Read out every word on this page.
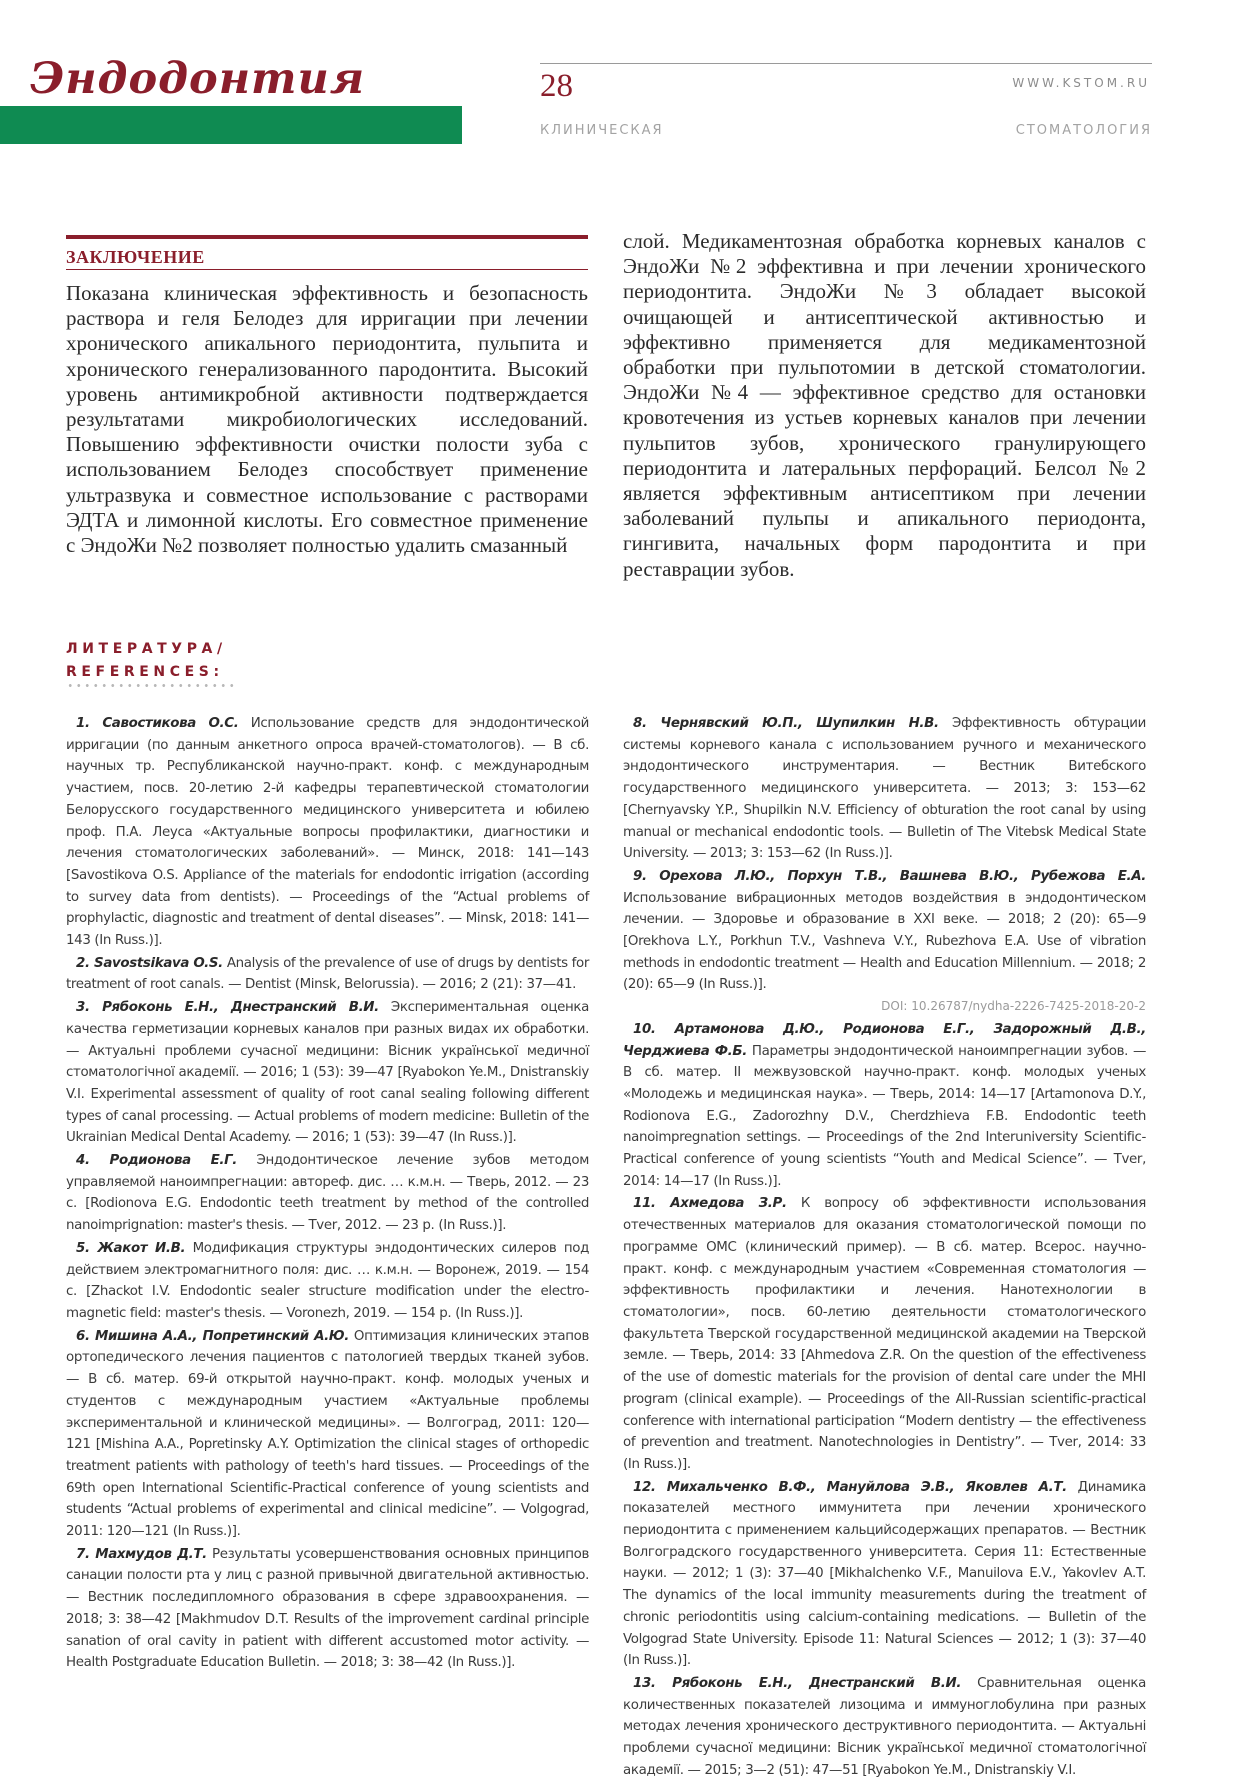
Эндодонтия	28	WWW.KSTOM.RU

КЛИНИЧЕСКАЯ СТОМАТОЛОГИЯ

ЗАКЛЮЧЕНИЕ

Показана клиническая эффективность и безопасность раствора и геля Белодез для ирригации при лечении хронического апикального периодонтита, пульпита и хронического генерализованного пародонтита. Высокий уровень антимикробной активности подтверждается результатами микробиологических исследований. Повышению эффективности очистки полости зуба с использованием Белодез способствует применение ультразвука и совместное использование с растворами ЭДТА и лимонной кислоты. Его совместное применение с ЭндоЖи №2 позволяет полностью удалить смазанный

слой. Медикаментозная обработка корневых каналов с ЭндоЖи №2 эффективна и при лечении хронического периодонтита. ЭндоЖи №3 обладает высокой очищающей и антисептической активностью и эффективно применяется для медикаментозной обработки при пульпотомии в детской стоматологии. ЭндоЖи №4 — эффективное средство для остановки кровотечения из устьев корневых каналов при лечении пульпитов зубов, хронического гранулирующего периодонтита и латеральных перфораций. Белсол №2 является эффективным антисептиком при лечении заболеваний пульпы и апикального периодонта, гингивита, начальных форм пародонтита и при реставрации зубов.

ЛИТЕРАТУРА/
REFERENCES:

1. Савостикова О.С. Использование средств для эндодонтической ирригации (по данным анкетного опроса врачей-стоматологов). — В сб. научных тр. Республиканской научно-практ. конф. с международным участием, посв. 20-летию 2-й кафедры терапевтической стоматологии Белорусского государственного медицинского университета и юбилею проф. П.А. Леуса «Актуальные вопросы профилактики, диагностики и лечения стоматологических заболеваний». — Минск, 2018: 141—143 [Savostikova O.S. Appliance of the materials for endodontic irrigation (according to survey data from dentists). — Proceedings of the “Actual problems of prophylactic, diagnostic and treatment of dental diseases”. — Minsk, 2018: 141—143 (In Russ.)].

2. Savostsikava O.S. Analysis of the prevalence of use of drugs by dentists for treatment of root canals. — Dentist (Minsk, Belorussia). — 2016; 2 (21): 37—41.

3. Рябоконь Е.Н., Днестранский В.И. Экспериментальная оценка качества герметизации корневых каналов при разных видах их обработки. — Актуальні проблеми сучасної медицини: Вісник української медичної стоматологічної академії. — 2016; 1 (53): 39—47 [Ryabokon Ye.M., Dnistranskiy V.I. Experimental assessment of quality of root canal sealing following different types of canal processing. — Actual problems of modern medicine: Bulletin of the Ukrainian Medical Dental Academy. — 2016; 1 (53): 39—47 (In Russ.)].

4. Родионова Е.Г. Эндодонтическое лечение зубов методом управляемой наноимпрегнации: автореф. дис. … к.м.н. — Тверь, 2012. — 23 с. [Rodionova E.G. Endodontic teeth treatment by method of the controlled nanoimprignation: master's thesis. — Tver, 2012. — 23 p. (In Russ.)].

5. Жакот И.В. Модификация структуры эндодонтических силеров под действием электромагнитного поля: дис. … к.м.н. — Воронеж, 2019. — 154 с. [Zhackot I.V. Endodontic sealer structure modification under the electro-magnetic field: master's thesis. — Voronezh, 2019. — 154 p. (In Russ.)].

6. Мишина А.А., Попретинский А.Ю. Оптимизация клинических этапов ортопедического лечения пациентов с патологией твердых тканей зубов. — В сб. матер. 69-й открытой научно-практ. конф. молодых ученых и студентов с международным участием «Актуальные проблемы экспериментальной и клинической медицины». — Волгоград, 2011: 120—121 [Mishina A.A., Popretinsky A.Y. Optimization the clinical stages of orthopedic treatment patients with pathology of teeth's hard tissues. — Proceedings of the 69th open International Scientific-Practical conference of young scientists and students “Actual problems of experimental and clinical medicine”. — Volgograd, 2011: 120—121 (In Russ.)].

7. Махмудов Д.Т. Результаты усовершенствования основных принципов санации полости рта у лиц с разной привычной двигательной активностью. — Вестник последипломного образования в сфере здравоохранения. — 2018; 3: 38—42 [Makhmudov D.T. Results of the improvement cardinal principle sanation of oral cavity in patient with different accustomed motor activity. — Health Postgraduate Education Bulletin. — 2018; 3: 38—42 (In Russ.)].

8. Чернявский Ю.П., Шупилкин Н.В. Эффективность обтурации системы корневого канала с использованием ручного и механического эндодонтического инструментария. — Вестник Витебского государственного медицинского университета. — 2013; 3: 153—62 [Chernyavsky Y.P., Shupilkin N.V. Efficiency of obturation the root canal by using manual or mechanical endodontic tools. — Bulletin of The Vitebsk Medical State University. — 2013; 3: 153—62 (In Russ.)].

9. Орехова Л.Ю., Порхун Т.В., Вашнева В.Ю., Рубежова Е.А. Использование вибрационных методов воздействия в эндодонтическом лечении. — Здоровье и образование в XXI веке. — 2018; 2 (20): 65—9 [Orekhova L.Y., Porkhun T.V., Vashneva V.Y., Rubezhova E.A. Use of vibration methods in endodontic treatment — Health and Education Millennium. — 2018; 2 (20): 65—9 (In Russ.)].
DOI: 10.26787/nydha-2226-7425-2018-20-2

10. Артамонова Д.Ю., Родионова Е.Г., Задорожный Д.В., Черджиева Ф.Б. Параметры эндодонтической наноимпрегнации зубов. — В сб. матер. II межвузовской научно-практ. конф. молодых ученых «Молодежь и медицинская наука». — Тверь, 2014: 14—17 [Artamonova D.Y., Rodionova E.G., Zadorozhny D.V., Cherdzhieva F.B. Endodontic teeth nanoimpregnation settings. — Proceedings of the 2nd Interuniversity Scientific-Practical conference of young scientists “Youth and Medical Science”. — Tver, 2014: 14—17 (In Russ.)].

11. Ахмедова З.Р. К вопросу об эффективности использования отечественных материалов для оказания стоматологической помощи по программе ОМС (клинический пример). — В сб. матер. Всерос. научно-практ. конф. с международным участием «Современная стоматология — эффективность профилактики и лечения. Нанотехнологии в стоматологии», посв. 60-летию деятельности стоматологического факультета Тверской государственной медицинской академии на Тверской земле. — Тверь, 2014: 33 [Ahmedova Z.R. On the question of the effectiveness of the use of domestic materials for the provision of dental care under the MHI program (clinical example). — Proceedings of the All-Russian scientific-practical conference with international participation “Modern dentistry — the effectiveness of prevention and treatment. Nanotechnologies in Dentistry”. — Tver, 2014: 33 (In Russ.)].

12. Михальченко В.Ф., Мануйлова Э.В., Яковлев А.Т. Динамика показателей местного иммунитета при лечении хронического периодонтита с применением кальцийсодержащих препаратов. — Вестник Волгоградского государственного университета. Серия 11: Естественные науки. — 2012; 1 (3): 37—40 [Mikhalchenko V.F., Manuilova E.V., Yakovlev A.T. The dynamics of the local immunity measurements during the treatment of chronic periodontitis using calcium-containing medications. — Bulletin of the Volgograd State University. Episode 11: Natural Sciences — 2012; 1 (3): 37—40 (In Russ.)].

13. Рябоконь Е.Н., Днестранский В.И. Сравнительная оценка количественных показателей лизоцима и иммуноглобулина при разных методах лечения хронического деструктивного периодонтита. — Актуальні проблеми сучасної медицини: Вісник української медичної стоматологічної академії. — 2015; 3—2 (51): 47—51 [Ryabokon Ye.M., Dnistranskiy V.I.
